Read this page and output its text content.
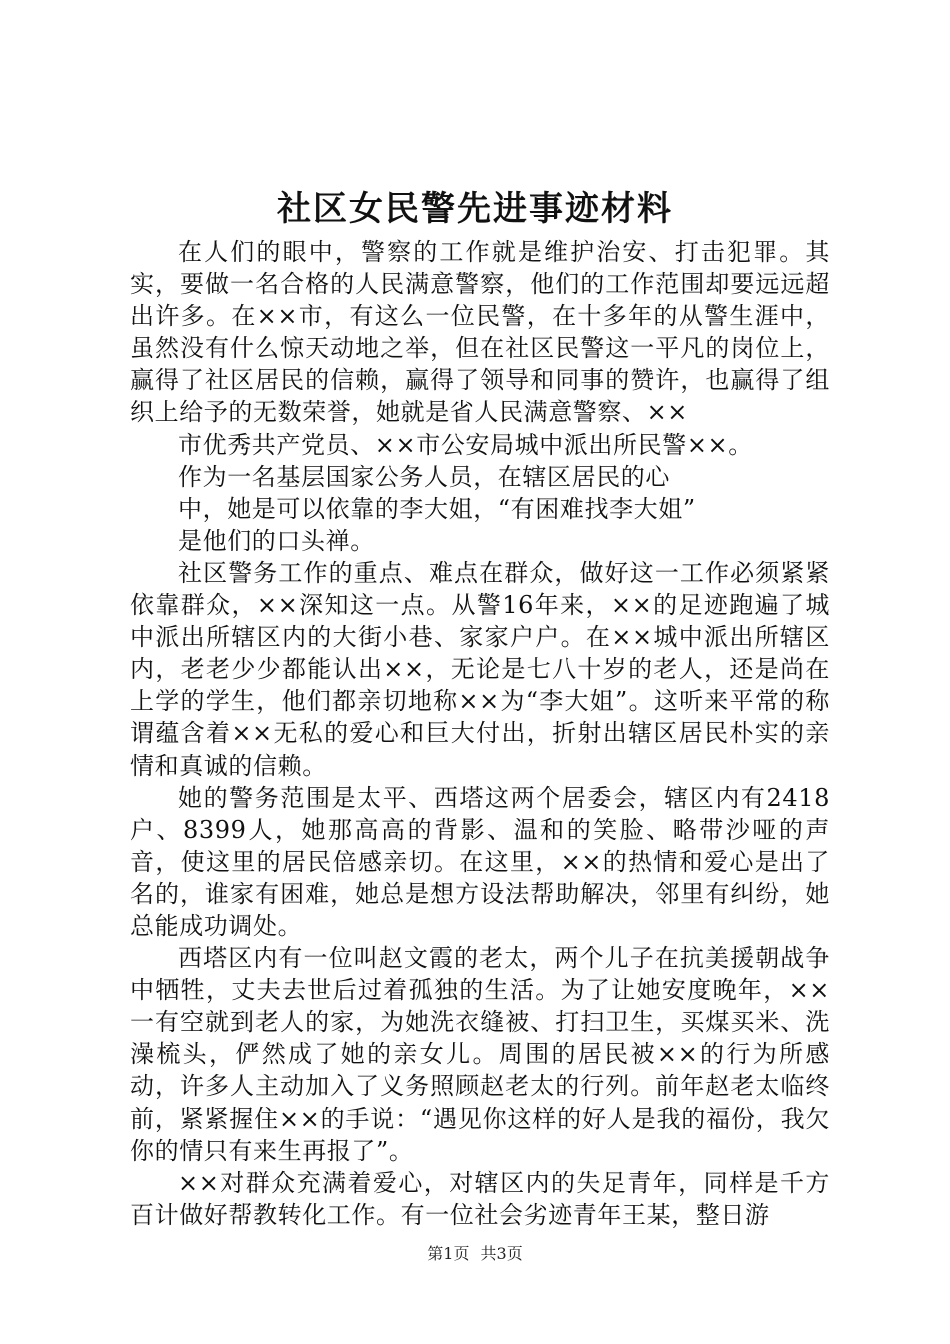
社区女民警先进事迹材料

在人们的眼中，警察的工作就是维护治安、打击犯罪。其实，要做一名合格的人民满意警察，他们的工作范围却要远远超出许多。在××市，有这么一位民警，在十多年的从警生涯中，虽然没有什么惊天动地之举，但在社区民警这一平凡的岗位上，赢得了社区居民的信赖，赢得了领导和同事的赞许，也赢得了组织上给予的无数荣誉，她就是省人民满意警察、××

市优秀共产党员、××市公安局城中派出所民警××。

作为一名基层国家公务人员，在辖区居民的心

中，她是可以依靠的李大姐，“有困难找李大姐”

是他们的口头禅。

社区警务工作的重点、难点在群众，做好这一工作必须紧紧依靠群众，××深知这一点。从警16年来，××的足迹跑遍了城中派出所辖区内的大街小巷、家家户户。在××城中派出所辖区内，老老少少都能认出××，无论是七八十岁的老人，还是尚在上学的学生，他们都亲切地称××为“李大姐”。这听来平常的称谓蕴含着××无私的爱心和巨大付出，折射出辖区居民朴实的亲情和真诚的信赖。

她的警务范围是太平、西塔这两个居委会，辖区内有2418户、8399人，她那高高的背影、温和的笑脸、略带沙哑的声音，使这里的居民倍感亲切。在这里，××的热情和爱心是出了名的，谁家有困难，她总是想方设法帮助解决，邻里有纠纷，她总能成功调处。

西塔区内有一位叫赵文霞的老太，两个儿子在抗美援朝战争中牺牲，丈夫去世后过着孤独的生活。为了让她安度晚年，××一有空就到老人的家，为她洗衣缝被、打扫卫生，买煤买米、洗澡梳头，俨然成了她的亲女儿。周围的居民被××的行为所感动，许多人主动加入了义务照顾赵老太的行列。前年赵老太临终前，紧紧握住××的手说：“遇见你这样的好人是我的福份，我欠你的情只有来生再报了”。

××对群众充满着爱心，对辖区内的失足青年，同样是千方百计做好帮教转化工作。有一位社会劣迹青年王某，整日游

第1页 共3页
